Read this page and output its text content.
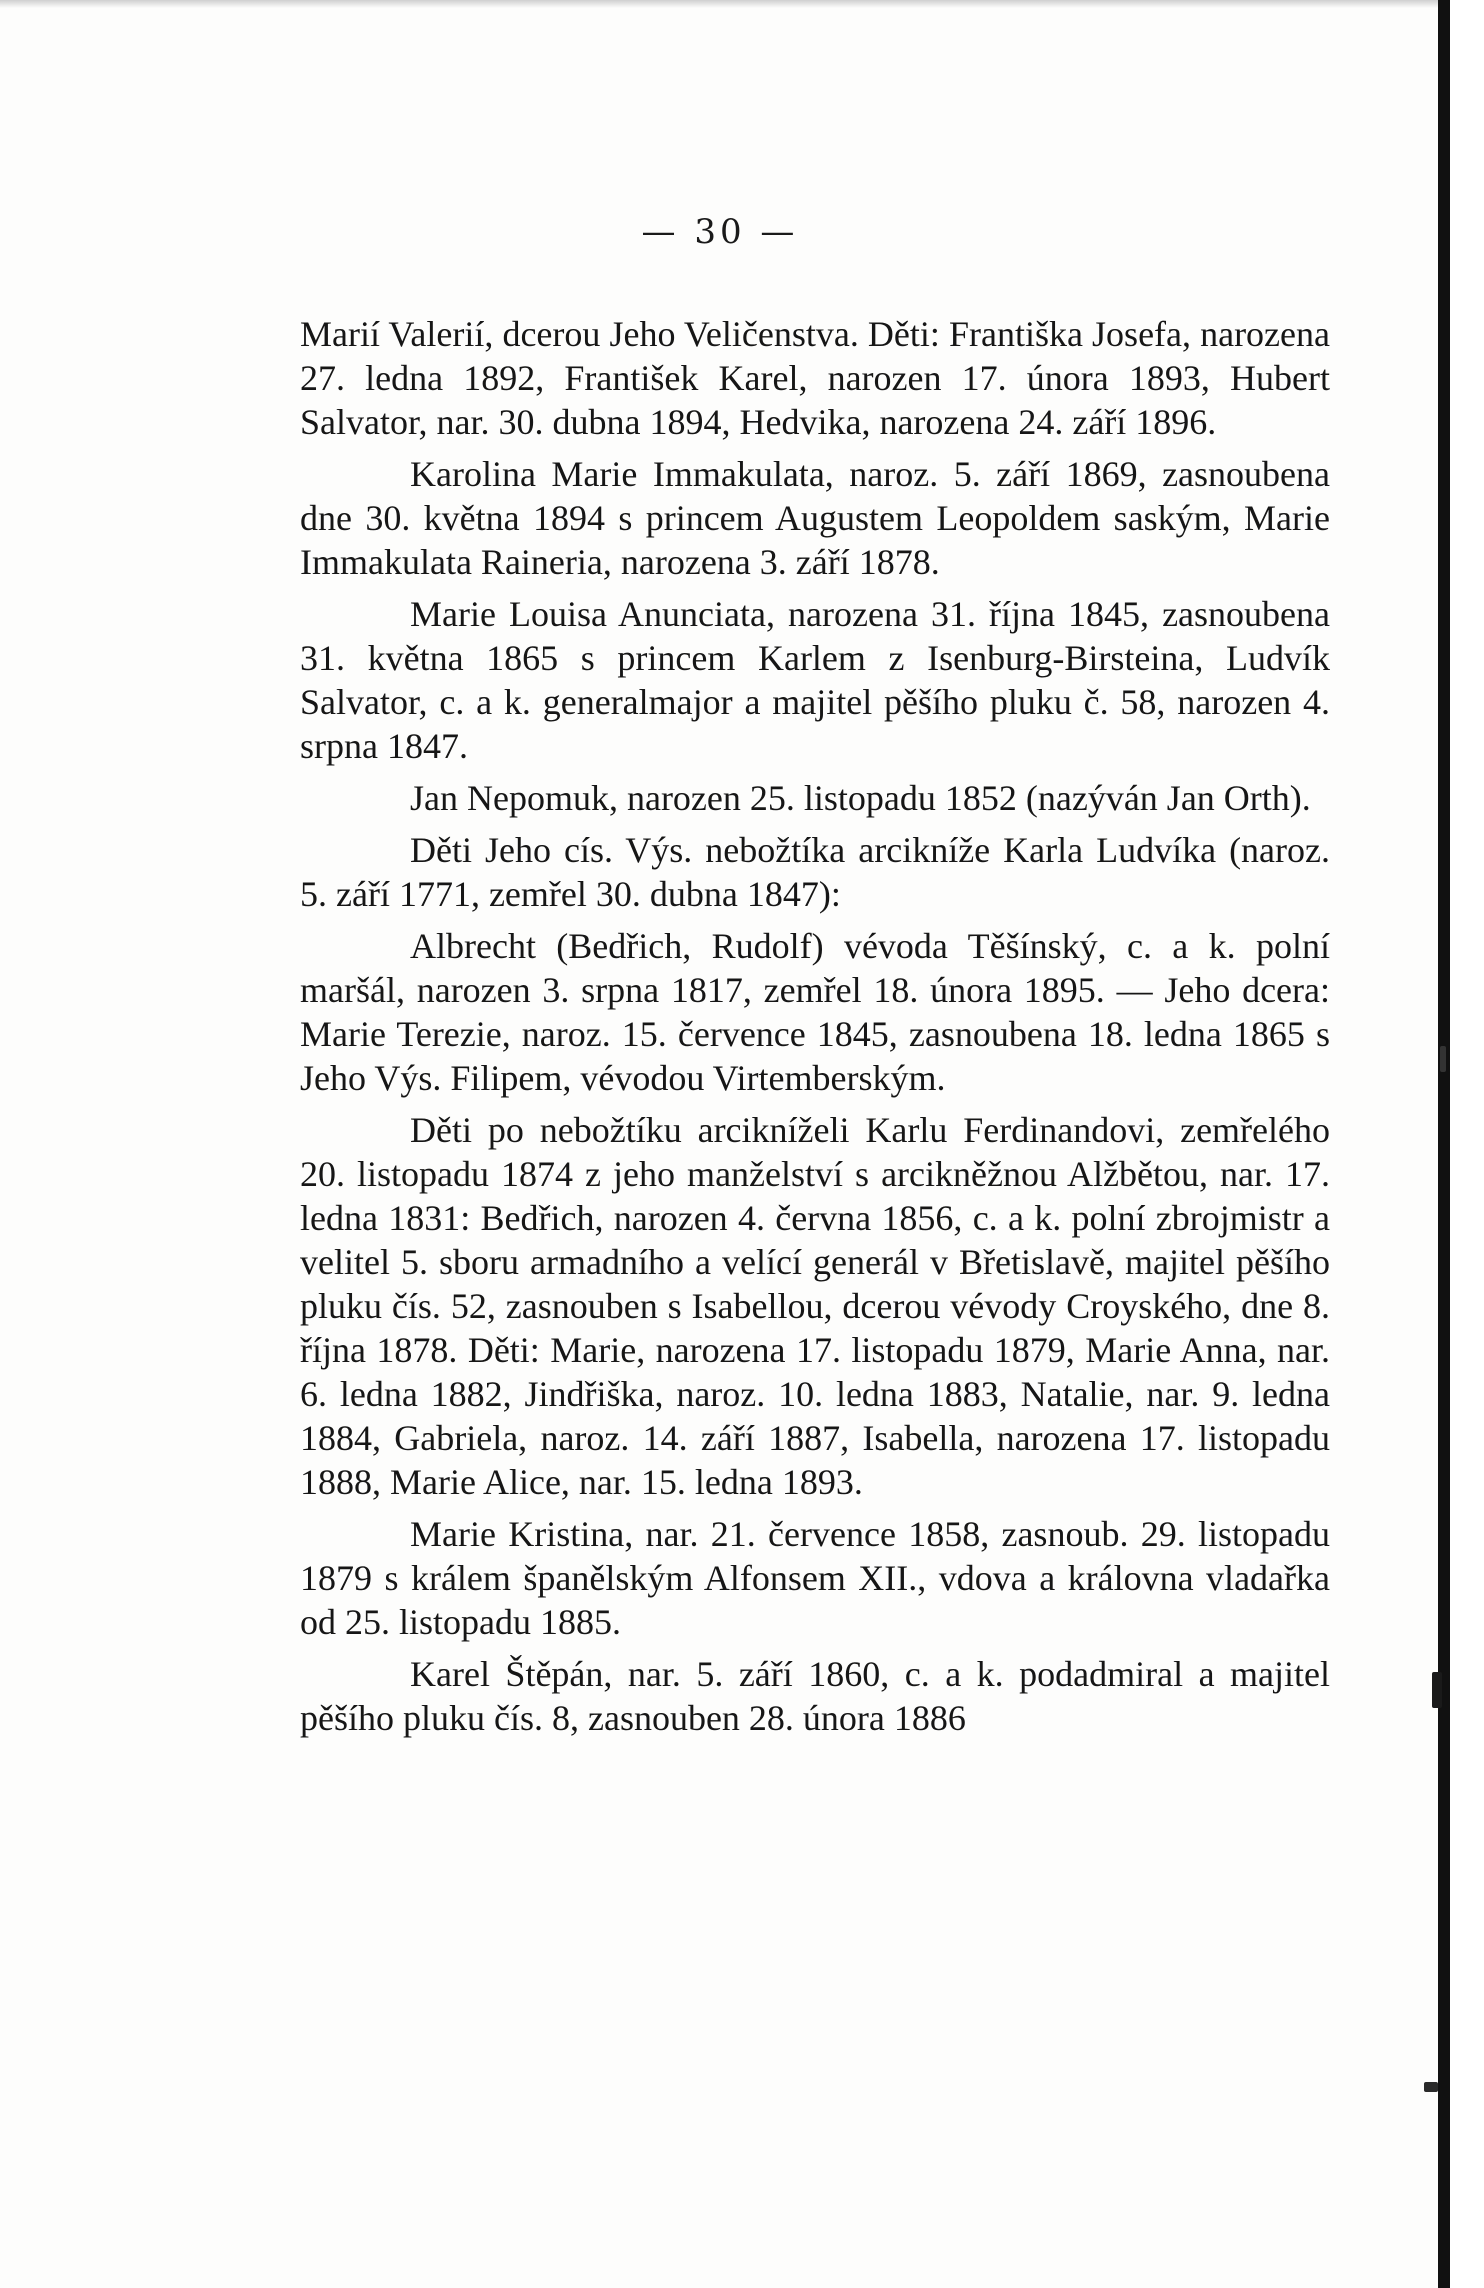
— 30 —

Marií Valerií, dcerou Jeho Veličenstva. Děti: Františka Josefa, narozena 27. ledna 1892, František Karel, narozen 17. února 1893, Hubert Salvator, nar. 30. dubna 1894, Hedvika, narozena 24. září 1896.

Karolina Marie Immakulata, naroz. 5. září 1869, zasnoubena dne 30. května 1894 s princem Augustem Leopoldem saským, Marie Immakulata Raineria, narozena 3. září 1878.

Marie Louisa Anunciata, narozena 31. října 1845, zasnoubena 31. května 1865 s princem Karlem z Isenburg-Birsteina, Ludvík Salvator, c. a k. generalmajor a majitel pěšího pluku č. 58, narozen 4. srpna 1847.

Jan Nepomuk, narozen 25. listopadu 1852 (nazýván Jan Orth).

Děti Jeho cís. Výs. nebožtíka arcikníže Karla Ludvíka (naroz. 5. září 1771, zemřel 30. dubna 1847):

Albrecht (Bedřich, Rudolf) vévoda Těšínský, c. a k. polní maršál, narozen 3. srpna 1817, zemřel 18. února 1895. — Jeho dcera: Marie Terezie, naroz. 15. července 1845, zasnoubena 18. ledna 1865 s Jeho Výs. Filipem, vévodou Virtemberským.

Děti po nebožtíku arcikníželi Karlu Ferdinandovi, zemřelého 20. listopadu 1874 z jeho manželství s arcikněžnou Alžbětou, nar. 17. ledna 1831: Bedřich, narozen 4. června 1856, c. a k. polní zbrojmistr a velitel 5. sboru armadního a velící generál v Břetislavě, majitel pěšího pluku čís. 52, zasnouben s Isabellou, dcerou vévody Croyského, dne 8. října 1878. Děti: Marie, narozena 17. listopadu 1879, Marie Anna, nar. 6. ledna 1882, Jindřiška, naroz. 10. ledna 1883, Natalie, nar. 9. ledna 1884, Gabriela, naroz. 14. září 1887, Isabella, narozena 17. listopadu 1888, Marie Alice, nar. 15. ledna 1893.

Marie Kristina, nar. 21. července 1858, zasnoub. 29. listopadu 1879 s králem španělským Alfonsem XII., vdova a královna vladařka od 25. listopadu 1885.

Karel Štěpán, nar. 5. září 1860, c. a k. podadmiral a majitel pěšího pluku čís. 8, zasnouben 28. února 1886
